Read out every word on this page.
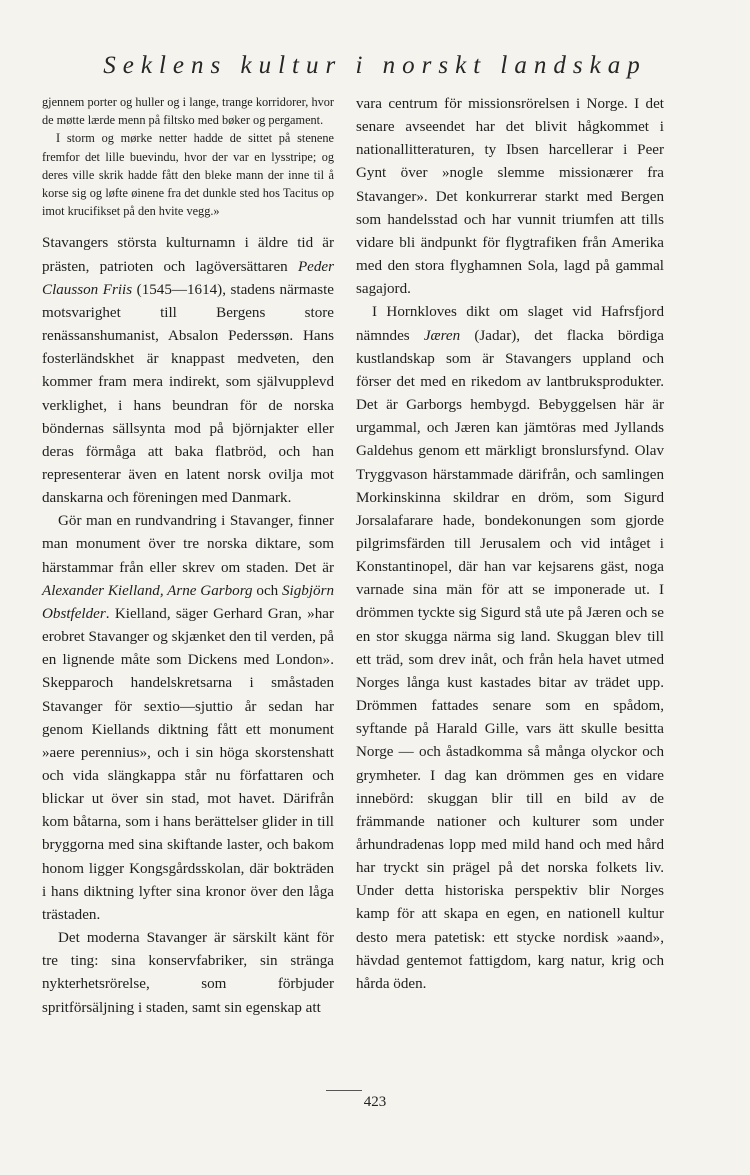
Seklens kultur i norskt landskap

gjennem porter og huller og i lange, trange korridorer, hvor de møtte lærde menn på filtsko med bøker og pergament.

I storm og mørke netter hadde de sittet på stenene fremfor det lille buevindu, hvor der var en lysstripe; og deres ville skrik hadde fått den bleke mann der inne til å korse sig og løfte øinene fra det dunkle sted hos Tacitus op imot krucifikset på den hvite vegg.»

Stavangers största kulturnamn i äldre tid är prästen, patrioten och lagöversättaren Peder Clausson Friis (1545—1614), stadens närmaste motsvarighet till Bergens store renässanshumanist, Absalon Pederssøn. Hans fosterländskhet är knappast medveten, den kommer fram mera indirekt, som självupplevd verklighet, i hans beundran för de norska böndernas sällsynta mod på björnjakter eller deras förmåga att baka flatbröd, och han representerar även en latent norsk ovilja mot danskarna och föreningen med Danmark.

Gör man en rundvandring i Stavanger, finner man monument över tre norska diktare, som härstammar från eller skrev om staden. Det är Alexander Kielland, Arne Garborg och Sigbjörn Obstfelder. Kielland, säger Gerhard Gran, »har erobret Stavanger og skjænket den til verden, på en lignende måte som Dickens med London». Skepparoch handelskretsarna i småstaden Stavanger för sextio—sjuttio år sedan har genom Kiellands diktning fått ett monument »aere perennius», och i sin höga skorstenshatt och vida slängkappa står nu författaren och blickar ut över sin stad, mot havet. Därifrån kom båtarna, som i hans berättelser glider in till bryggorna med sina skiftande laster, och bakom honom ligger Kongsgårdsskolan, där bokträden i hans diktning lyfter sina kronor över den låga trästaden.

Det moderna Stavanger är särskilt känt för tre ting: sina konservfabriker, sin stränga nykterhetsrörelse, som förbjuder spritförsäljning i staden, samt sin egenskap att

vara centrum för missionsrörelsen i Norge. I det senare avseendet har det blivit hågkommet i nationallitteraturen, ty Ibsen harcellerar i Peer Gynt över »nogle slemme missionærer fra Stavanger». Det konkurrerar starkt med Bergen som handelsstad och har vunnit triumfen att tills vidare bli ändpunkt för flygtrafiken från Amerika med den stora flyghamnen Sola, lagd på gammal sagajord.

I Hornkloves dikt om slaget vid Hafrsfjord nämndes Jæren (Jadar), det flacka bördiga kustlandskap som är Stavangers uppland och förser det med en rikedom av lantbruksprodukter. Det är Garborgs hembygd. Bebyggelsen här är urgammal, och Jæren kan jämtöras med Jyllands Galdehus genom ett märkligt bronslursfynd. Olav Tryggvason härstammade därifrån, och samlingen Morkinskinna skildrar en dröm, som Sigurd Jorsalafarare hade, bondekonungen som gjorde pilgrimsfärden till Jerusalem och vid intåget i Konstantinopel, där han var kejsarens gäst, noga varnade sina män för att se imponerade ut. I drömmen tyckte sig Sigurd stå ute på Jæren och se en stor skugga närma sig land. Skuggan blev till ett träd, som drev inåt, och från hela havet utmed Norges långa kust kastades bitar av trädet upp. Drömmen fattades senare som en spådom, syftande på Harald Gille, vars ätt skulle besitta Norge — och åstadkomma så många olyckor och grymheter. I dag kan drömmen ges en vidare innebörd: skuggan blir till en bild av de främmande nationer och kulturer som under århundradenas lopp med mild hand och med hård har tryckt sin prägel på det norska folkets liv. Under detta historiska perspektiv blir Norges kamp för att skapa en egen, en nationell kultur desto mera patetisk: ett stycke nordisk »aand», hävdad gentemot fattigdom, karg natur, krig och hårda öden.

423
